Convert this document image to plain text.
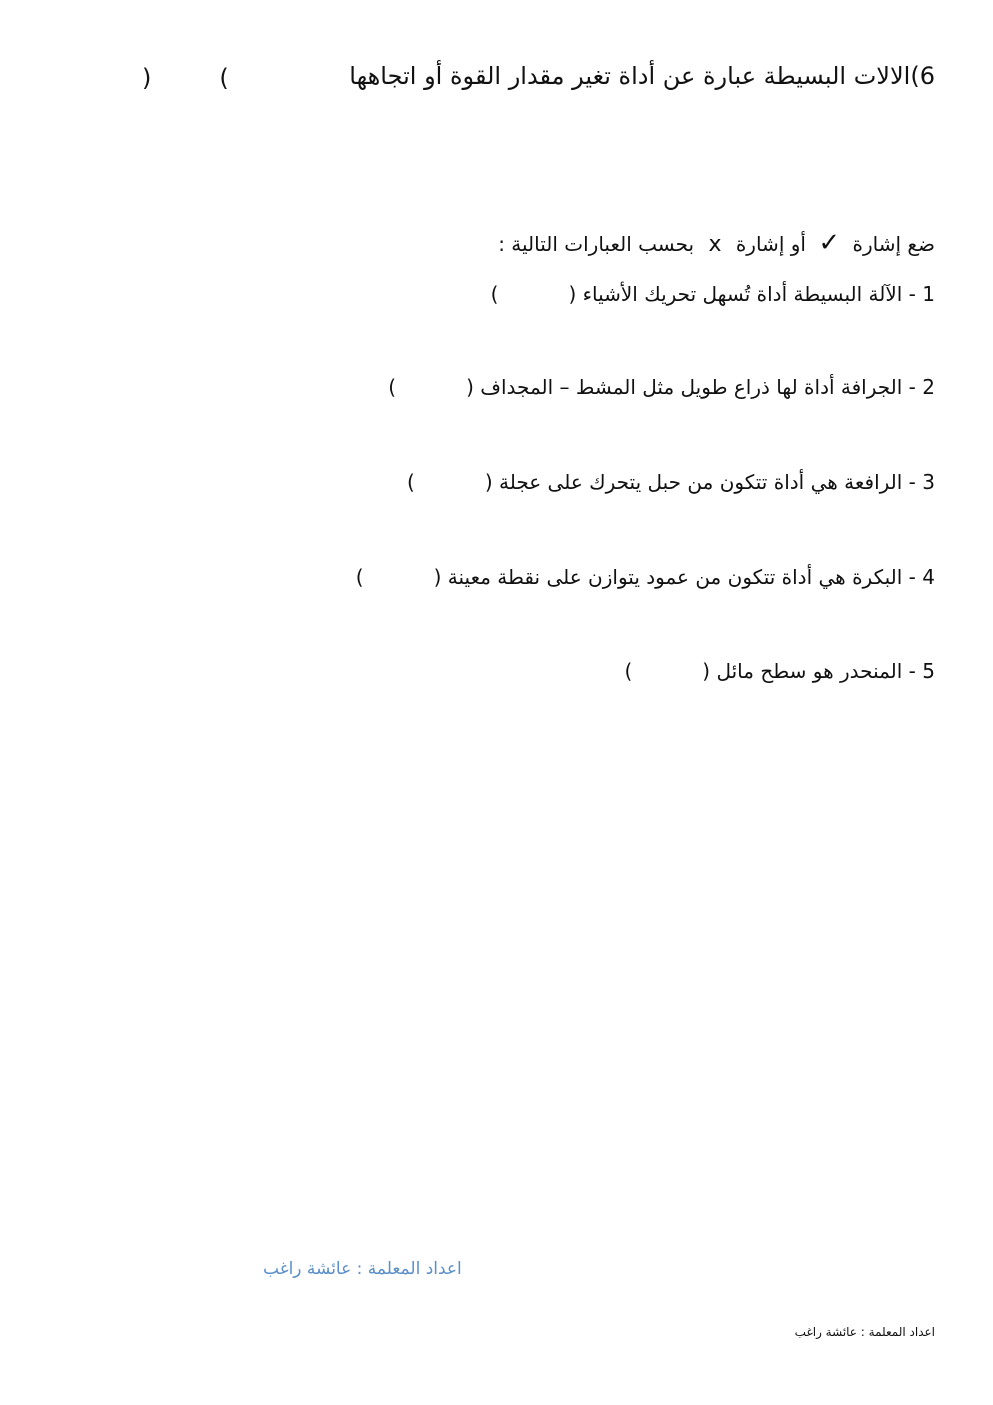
6)الالات البسيطة عبارة عن أداة تغير مقدار القوة أو اتجاهها
)	(
ضع إشارة ✓ أو إشارة x بحسب العبارات التالية :
1 - الآلة البسيطة أداة تُسهل تحريك الأشياء ()
2 - الجرافة أداة لها ذراع طويل مثل المشط – المجداف ()
3 - الرافعة هي أداة تتكون من حبل يتحرك على عجلة ()
4 - البكرة هي أداة تتكون من عمود يتوازن على نقطة معينة ()
5 - المنحدر هو سطح مائل ()
اعداد المعلمة : عائشة راغب
اعداد المعلمة : عائشة راغب
